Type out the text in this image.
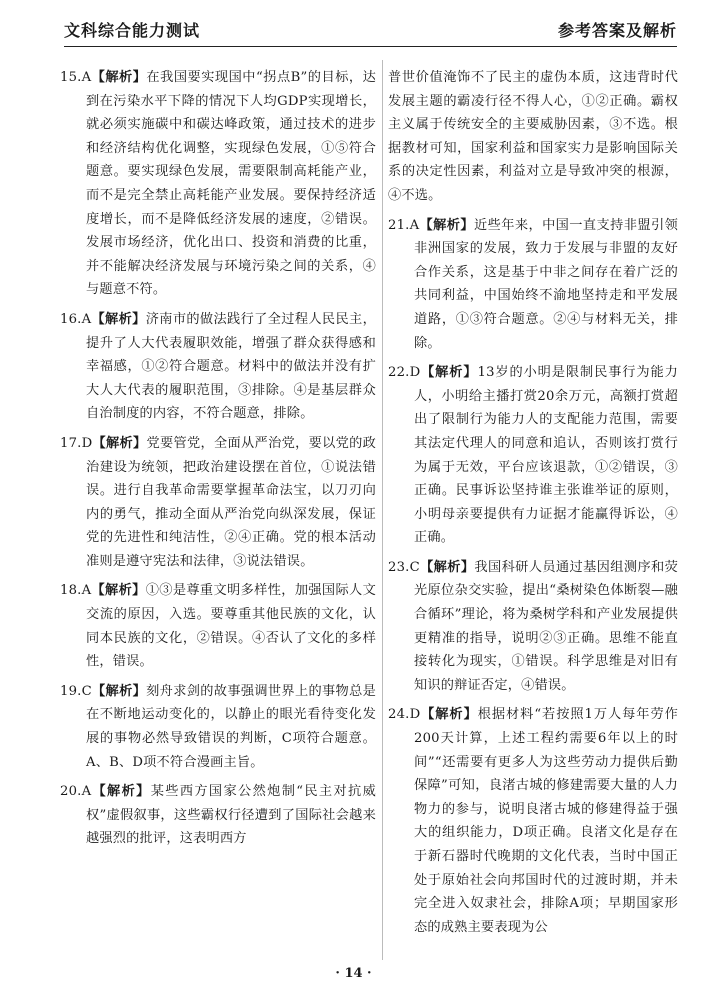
文科综合能力测试	参考答案及解析

15.A【解析】在我国要实现国中“拐点B”的目标，达到在污染水平下降的情况下人均GDP实现增长，就必须实施碳中和碳达峰政策，通过技术的进步和经济结构优化调整，实现绿色发展，①⑤符合题意。要实现绿色发展，需要限制高耗能产业，而不是完全禁止高耗能产业发展。要保持经济适度增长，而不是降低经济发展的速度，②错误。发展市场经济，优化出口、投资和消费的比重，并不能解决经济发展与环境污染之间的关系，④与题意不符。

16.A【解析】济南市的做法践行了全过程人民民主，提升了人大代表履职效能，增强了群众获得感和幸福感，①②符合题意。材料中的做法并没有扩大人大代表的履职范围，③排除。④是基层群众自治制度的内容，不符合题意，排除。

17.D【解析】党要管党，全面从严治党，要以党的政治建设为统领，把政治建设摆在首位，①说法错误。进行自我革命需要掌握革命法宝，以刀刃向内的勇气，推动全面从严治党向纵深发展，保证党的先进性和纯洁性，②④正确。党的根本活动准则是遵守宪法和法律，③说法错误。

18.A【解析】①③是尊重文明多样性，加强国际人文交流的原因，入选。要尊重其他民族的文化，认同本民族的文化，②错误。④否认了文化的多样性，错误。

19.C【解析】刻舟求剑的故事强调世界上的事物总是在不断地运动变化的，以静止的眼光看待变化发展的事物必然导致错误的判断，C项符合题意。A、B、D项不符合漫画主旨。

20.A【解析】某些西方国家公然炮制“民主对抗威权”虚假叙事，这些霸权行径遭到了国际社会越来越强烈的批评，这表明西方

普世价值淹饰不了民主的虚伪本质，这违背时代发展主题的霸凌行径不得人心，①②正确。霸权主义属于传统安全的主要威胁因素，③不选。根据教材可知，国家利益和国家实力是影响国际关系的决定性因素，利益对立是导致冲突的根源，④不选。

21.A【解析】近些年来，中国一直支持非盟引领非洲国家的发展，致力于发展与非盟的友好合作关系，这是基于中非之间存在着广泛的共同利益，中国始终不渝地坚持走和平发展道路，①③符合题意。②④与材料无关，排除。

22.D【解析】13岁的小明是限制民事行为能力人，小明给主播打赏20余万元，高额打赏超出了限制行为能力人的支配能力范围，需要其法定代理人的同意和追认，否则该打赏行为属于无效，平台应该退款，①②错误，③正确。民事诉讼坚持谁主张谁举证的原则，小明母亲要提供有力证据才能赢得诉讼，④正确。

23.C【解析】我国科研人员通过基因组测序和荧光原位杂交实验，提出“桑树染色体断裂—融合循环”理论，将为桑树学科和产业发展提供更精准的指导，说明②③正确。思维不能直接转化为现实，①错误。科学思维是对旧有知识的辩证否定，④错误。

24.D【解析】根据材料“若按照1万人每年劳作200天计算，上述工程约需要6年以上的时间”“还需要有更多人为这些劳动力提供后勤保障”可知，良渚古城的修建需要大量的人力物力的参与，说明良渚古城的修建得益于强大的组织能力，D项正确。良渚文化是存在于新石器时代晚期的文化代表，当时中国正处于原始社会向邦国时代的过渡时期，并未完全进入奴隶社会，排除A项；早期国家形态的成熟主要表现为公

· 14 ·
